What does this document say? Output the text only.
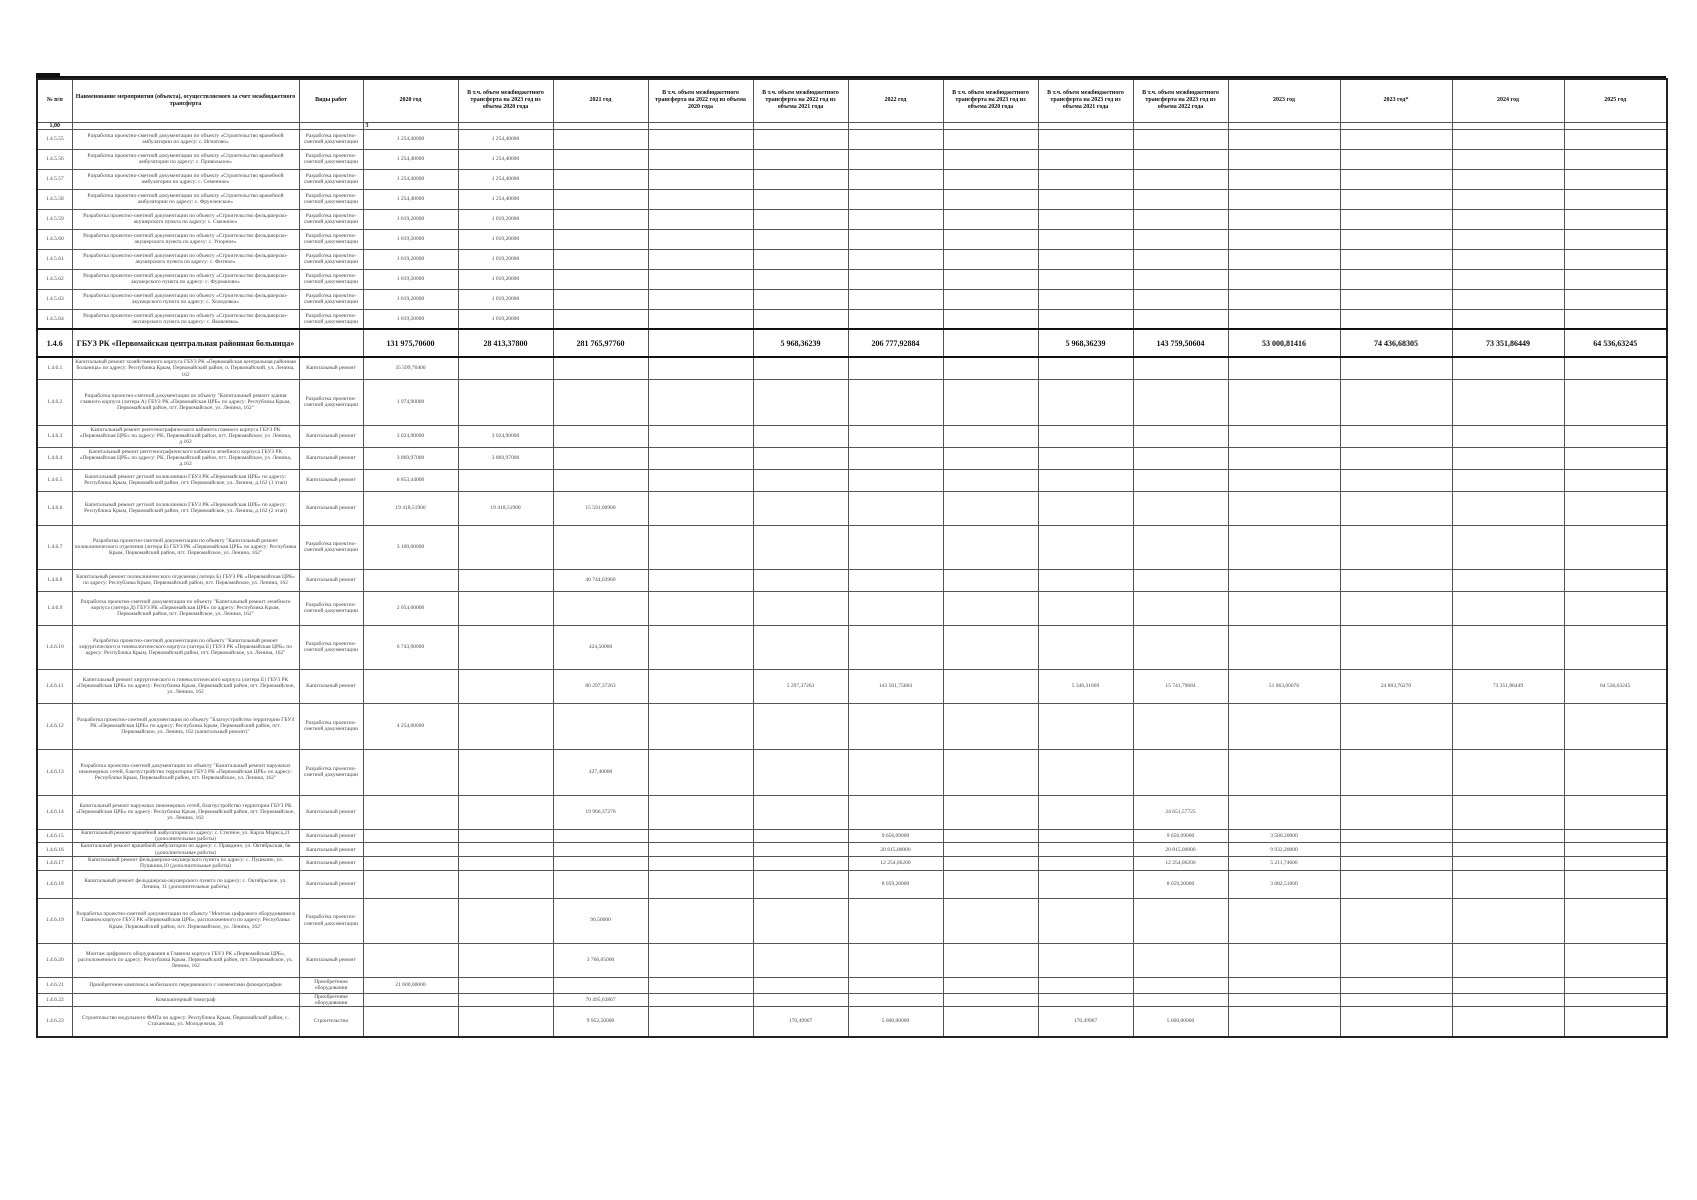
№ п/п	Наименование мероприятия (объекта), осуществляемого за счет межбюджетного трансферта	Виды работ	2020 год	В т.ч. объем межбюджетного трансферта на 2023 год из объема 2020 года	2021 год	В т.ч. объем межбюджетного трансферта на 2022 год из объема 2020 года	В т.ч. объем межбюджетного трансферта на 2022 год из объема 2021 года	2022 год	В т.ч. объем межбюджетного трансферта на 2023 год из объема 2020 года	В т.ч. объем межбюджетного трансферта на 2023 год из объема 2021 года	В т.ч. объем межбюджетного трансферта на 2023 год из объема 2022 года	2023 год	2023 год*	2024 год	2025 год
1,00			3												
1.4.5.55	Разработка проектно-сметной документации по объекту «Строительство врачебной амбулатории по адресу: с. Игнатово»	Разработка проектно-сметной документации	1 254,40000	1 254,40000											
1.4.5.56	Разработка проектно-сметной документации по объекту «Строительство врачебной амбулатории по адресу: с. Привольное»	Разработка проектно-сметной документации	1 254,40000	1 254,40000											
1.4.5.57	Разработка проектно-сметной документации по объекту «Строительство врачебной амбулатории по адресу: с. Семенное»	Разработка проектно-сметной документации	1 254,40000	1 254,40000											
1.4.5.58	Разработка проектно-сметной документации по объекту «Строительство врачебной амбулатории по адресу: с. Фрунзенское»	Разработка проектно-сметной документации	1 254,40000	1 254,40000											
1.4.5.59	Разработка проектно-сметной документации по объекту «Строительство фельдшерско-акушерского пункта по адресу: с. Смежное»	Разработка проектно-сметной документации	1 019,20000	1 019,20000											
1.4.5.60	Разработка проектно-сметной документации по объекту «Строительство фельдшерско-акушерского пункта по адресу: с. Упорное»	Разработка проектно-сметной документации	1 019,20000	1 019,20000											
1.4.5.61	Разработка проектно-сметной документации по объекту «Строительство фельдшерско-акушерского пункта по адресу: с. Фитное»	Разработка проектно-сметной документации	1 019,20000	1 019,20000											
1.4.5.62	Разработка проектно-сметной документации по объекту «Строительство фельдшерско-акушерского пункта по адресу: с. Фурманово»	Разработка проектно-сметной документации	1 019,20000	1 019,20000											
1.4.5.63	Разработка проектно-сметной документации по объекту «Строительство фельдшерско-акушерского пункта по адресу: с. Холодовка»	Разработка проектно-сметной документации	1 019,20000	1 019,20000											
1.4.5.64	Разработка проектно-сметной документации по объекту «Строительство фельдшерско-акушерского пункта по адресу: с. Яковлевка»	Разработка проектно-сметной документации	1 019,20000	1 019,20000											
1.4.6	ГБУЗ РК «Первомайская центральная районная больница»		131 975,70600	28 413,37800	281 765,97760		5 968,36239	206 777,92884		5 968,36239	143 759,50604	53 000,81416	74 436,68305	73 351,86449	64 536,63245
1.4.6.1	Капитальный ремонт хозяйственного корпуса ГБУЗ РК «Первомайская центральная районная больница» по адресу: Республика Крым, Первомайский район, п. Первомайский, ул. Ленина, 162	Капитальный ремонт	35 599,70400												
1.4.6.2	Разработка проектно-сметной документации по объекту "Капитальный ремонт здания главного корпуса (литера А) ГБУЗ РК «Первомайская ЦРБ» по адресу: Республика Крым, Первомайский район, пгт. Первомайское, ул. Ленина, 162"	Разработка проектно-сметной документации	1 974,90000												
1.4.6.3	Капитальный ремонт рентгенографического кабинета главного корпуса ГБУЗ РК «Первомайская ЦРБ» по адресу: РК, Первомайский район, пгт. Первомайское, ул. Ленина, д.162	Капитальный ремонт	3 024,90000	3 024,90000											
1.4.6.4	Капитальный ремонт рентгенографического кабинета лечебного корпуса ГБУЗ РК «Первомайская ЦРБ» по адресу: РК, Первомайский район, пгт. Первомайское, ул. Ленина, д.162	Капитальный ремонт	3 869,97000	3 869,97000											
1.4.6.5	Капитальный ремонт детской поликлиники ГБУЗ РК «Первомайская ЦРБ» по адресу: Республика Крым, Первомайский район, пгт. Первомайское, ул. Ленина, д.162 (1 этап)	Капитальный ремонт	6 853,44000												
1.4.6.6	Капитальный ремонт детской поликлиники ГБУЗ РК «Первомайская ЦРБ» по адресу: Республика Крым, Первомайский район, пгт. Первомайское, ул. Ленина, д.162 (2 этап)	Капитальный ремонт	19 418,51900	19 418,51900	15 591,00900										
1.4.6.7	Разработка проектно-сметной документации по объекту "Капитальный ремонт поликлинического отделения (литера Б) ГБУЗ РК «Первомайская ЦРБ» по адресу: Республика Крым, Первомайский район, пгт. Первомайское, ул. Ленина, 162"	Разработка проектно-сметной документации	3 100,00000												
1.4.6.8	Капитальный ремонт поликлинического отделения (литера Б) ГБУЗ РК «Первомайская ЦРБ» по адресу: Республика Крым, Первомайский район, пгт. Первомайское, ул. Ленина, 162	Капитальный ремонт			40 744,63960										
1.4.6.9	Разработка проектно-сметной документации по объекту "Капитальный ремонт лечебного корпуса (литера Д) ГБУЗ РК «Первомайская ЦРБ» по адресу: Республика Крым, Первомайский район, пгт. Первомайское, ул. Ленина, 162"	Разработка проектно-сметной документации	2 054,00000												
1.4.6.10	Разработка проектно-сметной документации по объекту "Капитальный ремонт хирургического и гинекологического корпуса (литера Е) ГБУЗ РК «Первомайская ЦРБ» по адресу: Республика Крым, Первомайский район, пгт. Первомайское, ул. Ленина, 162"	Разработка проектно-сметной документации	6 743,90000		424,50000										
1.4.6.11	Капитальный ремонт хирургического и гинекологического корпуса (литера Е) ГБУЗ РК «Первомайская ЦРБ» по адресу: Республика Крым, Первомайский район, пгт. Первомайское, ул. Ленина, 162	Капитальный ремонт			80 297,37263		5 297,37263	143 501,75684		5 346,31669	15 741,79684	51 063,00076	24 803,76270	73 351,86449	64 536,63245
1.4.6.12	Разработка проектно-сметной документации по объекту "Благоустройство территории ГБУЗ РК «Первомайская ЦРБ» по адресу: Республика Крым, Первомайский район, пгт. Первомайское, ул. Ленина, 162 (капитальный ремонт)"	Разработка проектно-сметной документации	4 254,00000												
1.4.6.13	Разработка проектно-сметной документации по объекту "Капитальный ремонт наружных инженерных сетей, благоустройство территории ГБУЗ РК «Первомайская ЦРБ» по адресу: Республика Крым, Первомайский район, пгт. Первомайское, ул. Ленина, 162"	Разработка проектно-сметной документации			427,40000										
1.4.6.14	Капитальный ремонт наружных инженерных сетей, благоустройство территории ГБУЗ РК «Первомайская ЦРБ» по адресу: Республика Крым, Первомайский район, пгт. Первомайское, ул. Ленина, 162	Капитальный ремонт			19 966,37276						24 651,57725				
1.4.6.15	Капитальный ремонт врачебной амбулатории по адресу: с. Степное, ул. Карла Маркса,21 (дополнительные работы)	Капитальный ремонт						9 656,09000			9 656,09000	3 580,20000			
1.4.6.16	Капитальный ремонт врачебной амбулатории по адресу: с. Правдино, ул. Октябрьская, 6в (дополнительные работы)	Капитальный ремонт						20 815,00000			20 815,00000	9 932,20000			
1.4.6.17	Капитальный ремонт фельдшерско-акушерского пункта по адресу: с. Пушкино, ул. Пушкина,10 (дополнительные работы)	Капитальный ремонт						12 254,06200			12 254,06200	5 211,74600			
1.4.6.18	Капитальный ремонт фельдшерско-акушерского пункта по адресу: с. Октябрьское, ул. Ленина, 11 (дополнительные работы)	Капитальный ремонт						8 059,20000			8 059,20000	3 082,51000			
1.4.6.19	Разработка проектно-сметной документации по объекту "Монтаж цифрового оборудования в Главном корпусе ГБУЗ РК «Первомайская ЦРБ», расположенного по адресу: Республика Крым, Первомайский район, пгт. Первомайское, ул. Ленина, 162"	Разработка проектно-сметной документации			90,50000										
1.4.6.20	Монтаж цифрового оборудования в Главном корпусе ГБУЗ РК «Первомайская ЦРБ», расположенного по адресу: Республика Крым, Первомайский район, пгт. Первомайское, ул. Ленина, 162	Капитальный ремонт			3 766,05000										
1.4.6.21	Приобретение комплекса мобильного передвижного с элементами флюорографии	Приобретение оборудования	21 600,00000												
1.4.6.22	Компьютерный томограф	Приобретение оборудования			70 495,63867										
1.4.6.23	Строительство модульного ФАПа по адресу: Республика Крым, Первомайский район, с. Стахановка, ул. Молодежная, 30	Строительство			9 952,50000		170,49967	5 600,00000		170,49967	5 600,00000				
